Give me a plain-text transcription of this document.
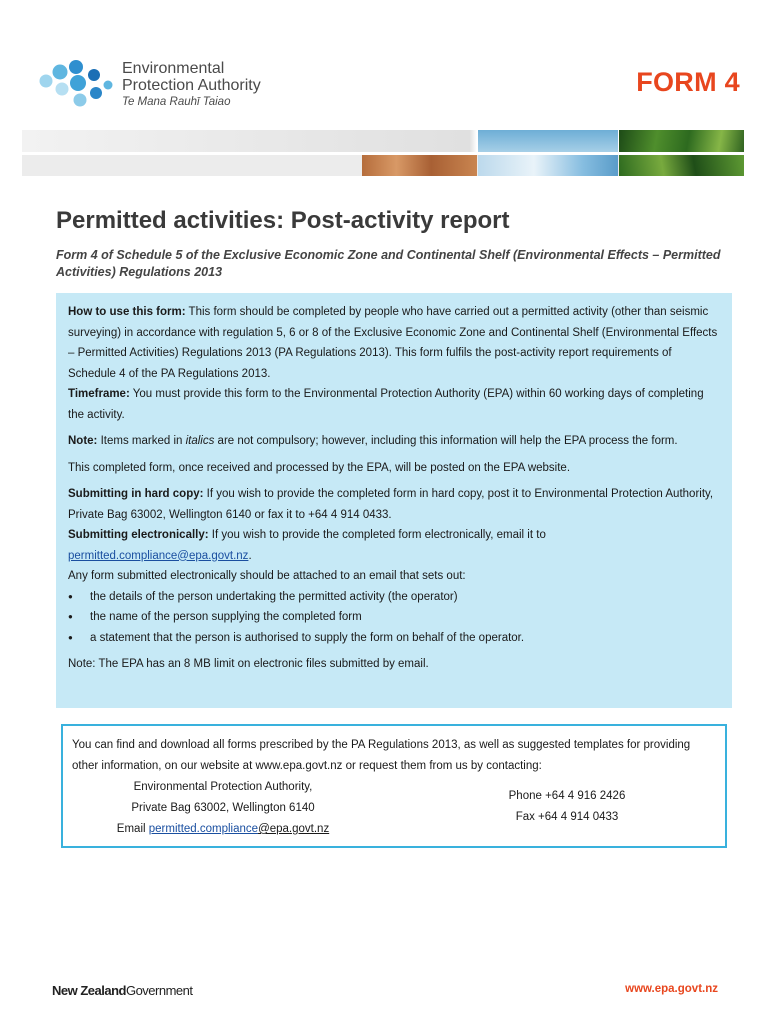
Environmental
Protection Authority
Te Mana Rauhī Taiao
FORM 4
Permitted activities: Post-activity report
Form 4 of Schedule 5 of the Exclusive Economic Zone and Continental Shelf (Environmental Effects – Permitted Activities) Regulations 2013

How to use this form: This form should be completed by people who have carried out a permitted activity (other than seismic surveying) in accordance with regulation 5, 6 or 8 of the Exclusive Economic Zone and Continental Shelf (Environmental Effects – Permitted Activities) Regulations 2013 (PA Regulations 2013). This form fulfils the post-activity report requirements of Schedule 4 of the PA Regulations 2013.

Timeframe: You must provide this form to the Environmental Protection Authority (EPA) within 60 working days of completing the activity.

Note: Items marked in italics are not compulsory; however, including this information will help the EPA process the form.

This completed form, once received and processed by the EPA, will be posted on the EPA website.

Submitting in hard copy: If you wish to provide the completed form in hard copy, post it to Environmental Protection Authority, Private Bag 63002, Wellington 6140 or fax it to +64 4 914 0433.

Submitting electronically: If you wish to provide the completed form electronically, email it to
permitted.compliance@epa.govt.nz.

Any form submitted electronically should be attached to an email that sets out:

● the details of the person undertaking the permitted activity (the operator)
● the name of the person supplying the completed form
● a statement that the person is authorised to supply the form on behalf of the operator.

Note: The EPA has an 8 MB limit on electronic files submitted by email.

You can find and download all forms prescribed by the PA Regulations 2013, as well as suggested templates for providing other information, on our website at www.epa.govt.nz or request them from us by contacting:

Environmental Protection Authority,
Private Bag 63002, Wellington 6140
Email permitted.compliance@epa.govt.nz
Phone +64 4 916 2426
Fax +64 4 914 0433
New ZealandGovernment	www.epa.govt.nz
